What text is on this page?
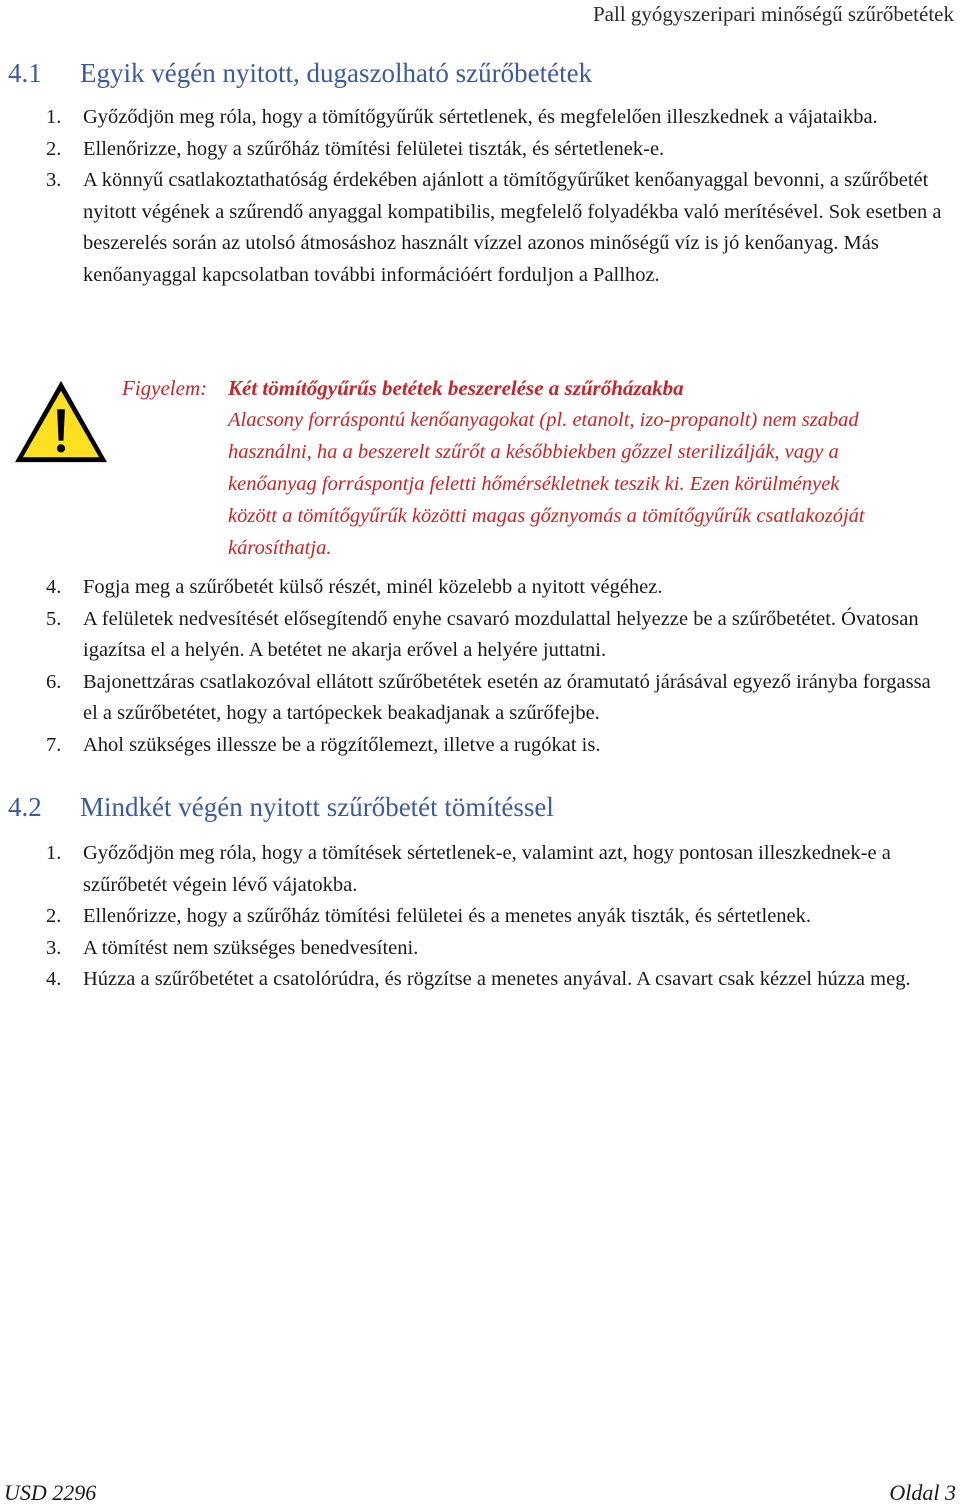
Pall gyógyszeripari minőségű szűrőbetétek
4.1 Egyik végén nyitott, dugaszolható szűrőbetétek
1. Győződjön meg róla, hogy a tömítőgyűrűk sértetlenek, és megfelelően illeszkednek a vájataikba.
2. Ellenőrizze, hogy a szűrőház tömítési felületei tiszták, és sértetlenek-e.
3. A könnyű csatlakoztathatóság érdekében ajánlott a tömítőgyűrűket kenőanyaggal bevonni, a szűrőbetét nyitott végének a szűrendő anyaggal kompatibilis, megfelelő folyadékba való merítésével. Sok esetben a beszerelés során az utolsó átmosáshoz használt vízzel azonos minőségű víz is jó kenőanyag. Más kenőanyaggal kapcsolatban további információért forduljon a Pallhoz.
Figyelem: Két tömítőgyűrűs betétek beszerelése a szűrőházakba
Alacsony forráspontú kenőanyagokat (pl. etanolt, izo-propanolt) nem szabad használni, ha a beszerelt szűrőt a későbbiekben gőzzel sterilizálják, vagy a kenőanyag forráspontja feletti hőmérsékletnek teszik ki. Ezen körülmények között a tömítőgyűrűk közötti magas gőznyomás a tömítőgyűrűk csatlakozóját károsíthatja.
4. Fogja meg a szűrőbetét külső részét, minél közelebb a nyitott végéhez.
5. A felületek nedvesítését elősegítendő enyhe csavaró mozdulattal helyezze be a szűrőbetétet. Óvatosan igazítsa el a helyén. A betétet ne akarja erővel a helyére juttatni.
6. Bajonettzáras csatlakozóval ellátott szűrőbetétek esetén az óramutató járásával egyező irányba forgassa el a szűrőbetétet, hogy a tartópeckek beakadjanak a szűrőfejbe.
7. Ahol szükséges illessze be a rögzítőlemezt, illetve a rugókat is.
4.2 Mindkét végén nyitott szűrőbetét tömítéssel
1. Győződjön meg róla, hogy a tömítések sértetlenek-e, valamint azt, hogy pontosan illeszkednek-e a szűrőbetét végein lévő vájatokba.
2. Ellenőrizze, hogy a szűrőház tömítési felületei és a menetes anyák tiszták, és sértetlenek.
3. A tömítést nem szükséges benedvesíteni.
4. Húzza a szűrőbetétet a csatolórúdra, és rögzítse a menetes anyával. A csavart csak kézzel húzza meg.
USD 2296	Oldal 3
